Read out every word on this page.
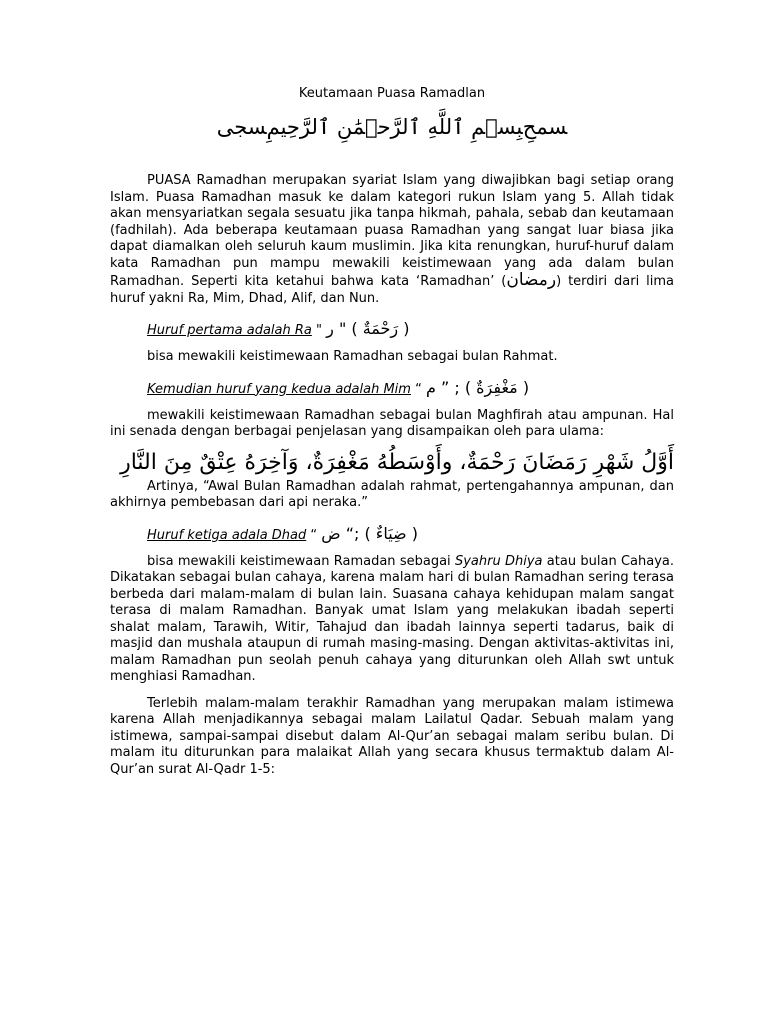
Keutamaan Puasa Ramadlan

ﺴﻤﺢِﺒِﺴۡﻢِ ٱللَّهِ ٱلرَّحۡمَٰنِ ٱلرَّحِيمِﺴﺠﻰ

PUASA Ramadhan merupakan syariat Islam yang diwajibkan bagi setiap orang Islam. Puasa Ramadhan masuk ke dalam kategori rukun Islam yang 5. Allah tidak akan mensyariatkan segala sesuatu jika tanpa hikmah, pahala, sebab dan keutamaan (fadhilah). Ada beberapa keutamaan puasa Ramadhan yang sangat luar biasa jika dapat diamalkan oleh seluruh kaum muslimin. Jika kita renungkan, huruf-huruf dalam kata Ramadhan pun mampu mewakili keistimewaan yang ada dalam bulan Ramadhan. Seperti kita ketahui bahwa kata ‘Ramadhan’ (رمضان) terdiri dari lima huruf yakni Ra, Mim, Dhad, Alif, dan Nun.

Huruf pertama adalah Ra " ( رَحْمَةٌ ) " ر

bisa mewakili keistimewaan Ramadhan sebagai bulan Rahmat.

Kemudian huruf yang kedua adalah Mim “ ( مَغْفِرَةٌ ) ; ” م

mewakili keistimewaan Ramadhan sebagai bulan Maghfirah atau ampunan. Hal ini senada dengan berbagai penjelasan yang disampaikan oleh para ulama:

أَوَّلُ شَهْرِ رَمَضَانَ رَحْمَةٌ، وأَوْسَطُهُ مَغْفِرَةٌ، وَآخِرَهُ عِتْقٌ مِنَ النَّارِ

Artinya, “Awal Bulan Ramadhan adalah rahmat, pertengahannya ampunan, dan akhirnya pembebasan dari api neraka.”

Huruf ketiga adala Dhad “ ( ضِيَاءٌ ) ;“ ض

bisa mewakili keistimewaan Ramadan sebagai Syahru Dhiya atau bulan Cahaya. Dikatakan sebagai bulan cahaya, karena malam hari di bulan Ramadhan sering terasa berbeda dari malam-malam di bulan lain. Suasana cahaya kehidupan malam sangat terasa di malam Ramadhan. Banyak umat Islam yang melakukan ibadah seperti shalat malam, Tarawih, Witir, Tahajud dan ibadah lainnya seperti tadarus, baik di masjid dan mushala ataupun di rumah masing-masing. Dengan aktivitas-aktivitas ini, malam Ramadhan pun seolah penuh cahaya yang diturunkan oleh Allah swt untuk menghiasi Ramadhan.

Terlebih malam-malam terakhir Ramadhan yang merupakan malam istimewa karena Allah menjadikannya sebagai malam Lailatul Qadar. Sebuah malam yang istimewa, sampai-sampai disebut dalam Al-Qur’an sebagai malam seribu bulan. Di malam itu diturunkan para malaikat Allah yang secara khusus termaktub dalam Al-Qur’an surat Al-Qadr 1-5:
